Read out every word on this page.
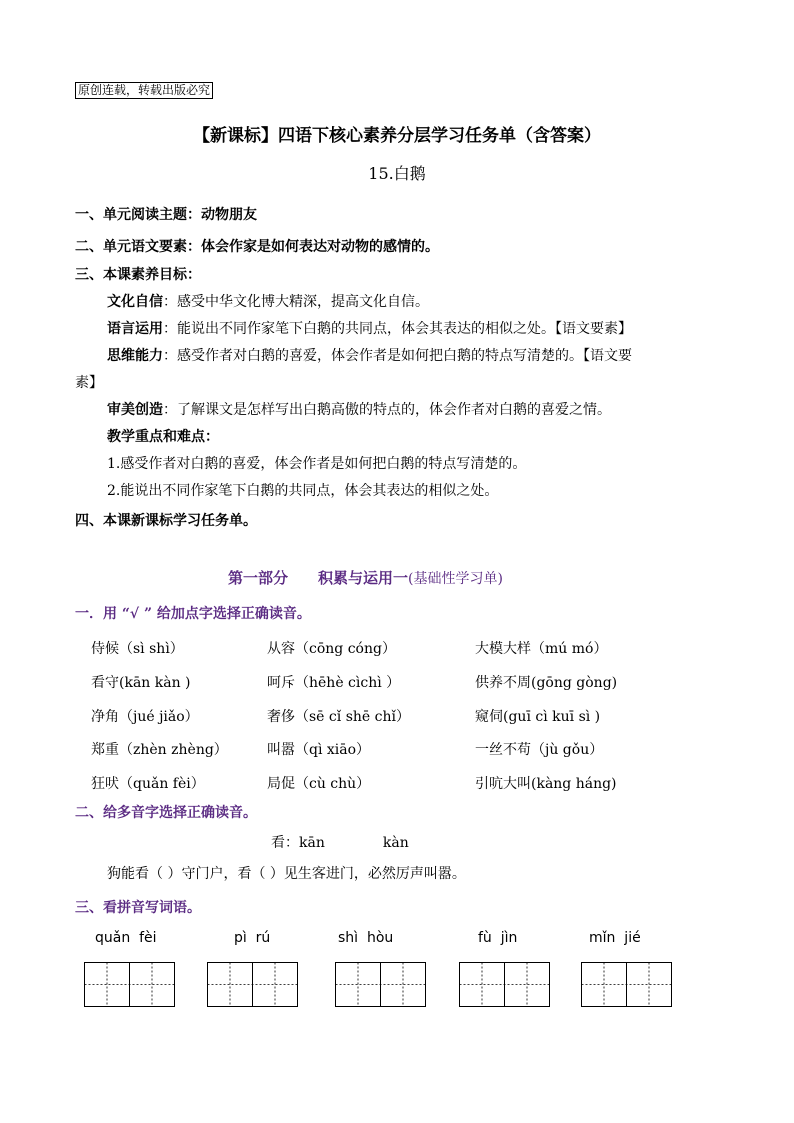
原创连载，转载出版必究
【新课标】四语下核心素养分层学习任务单（含答案）
15.白鹅
一、单元阅读主题：动物朋友
二、单元语文要素：体会作家是如何表达对动物的感情的。
三、本课素养目标：
文化自信：感受中华文化博大精深，提高文化自信。
语言运用：能说出不同作家笔下白鹅的共同点，体会其表达的相似之处。【语文要素】
思维能力：感受作者对白鹅的喜爱，体会作者是如何把白鹅的特点写清楚的。【语文要
素】
审美创造：了解课文是怎样写出白鹅高傲的特点的，体会作者对白鹅的喜爱之情。
教学重点和难点：
1.感受作者对白鹅的喜爱，体会作者是如何把白鹅的特点写清楚的。
2.能说出不同作家笔下白鹅的共同点，体会其表达的相似之处。
四、本课新课标学习任务单。
第一部分 积累与运用一(基础性学习单)
一．用 “√ ” 给加点字选择正确读音。
侍候（sì shì）	从容（cōng cóng）	大模大样（mú mó）
看守(kān kàn )	呵斥（hēhè cìchì ）	供养不周(gōng gòng)
净角（jué jiǎo）	奢侈（sē cǐ shē chǐ）	窥伺(guī cì kuī sì )
郑重（zhèn zhèng）	叫嚣（qì xiāo）	一丝不苟（jù gǒu）
狂吠（quǎn fèi）	局促（cù chù）	引吭大叫(kàng háng)
二、给多音字选择正确读音。
看：kān	kàn
狗能看（ ）守门户，看（ ）见生客进门，必然厉声叫嚣。
三、看拼音写词语。
quǎn  fèi	pì  rú	shì  hòu	fù  jìn	mǐn  jié
